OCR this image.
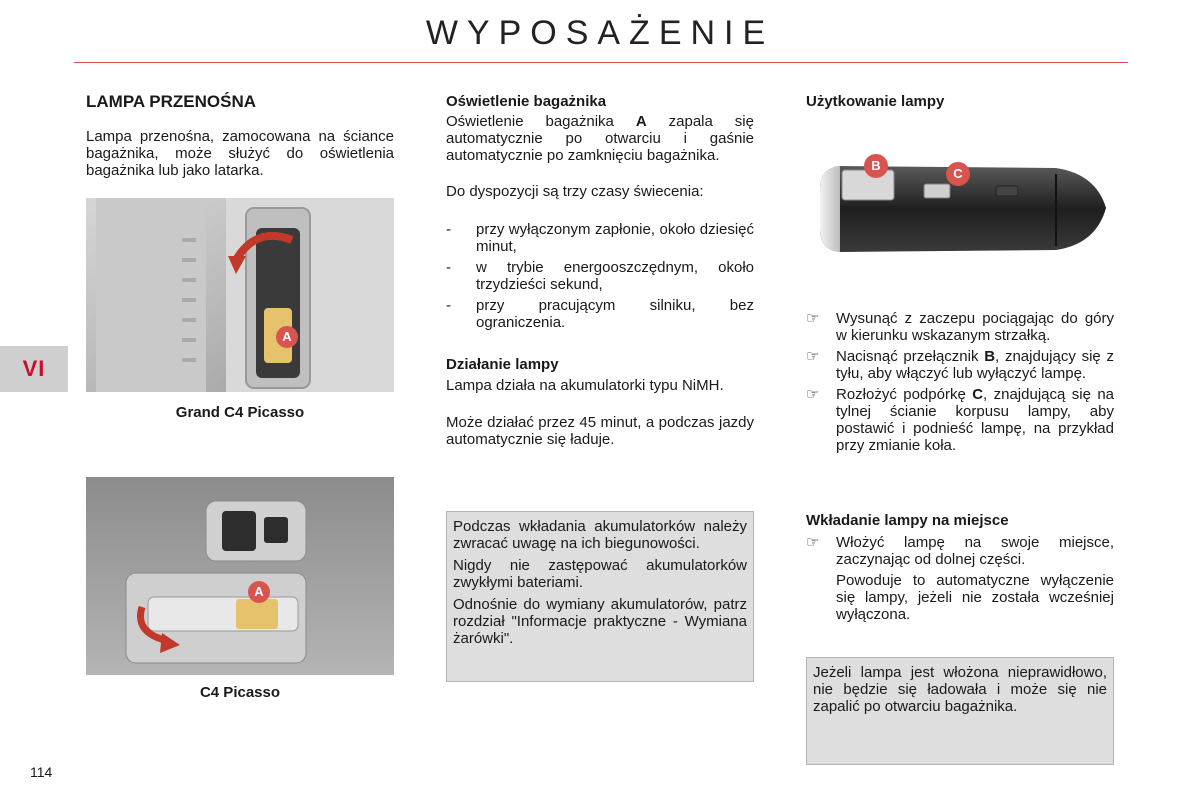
WYPOSAŻENIE
VI
LAMPA PRZENOŚNA

Lampa przenośna, zamocowana na ściance bagażnika, może służyć do oświetlenia bagażnika lub jako latarka.

A
Grand C4 Picasso
A
C4 Picasso
Oświetlenie bagażnika

Oświetlenie bagażnika A zapala się automatycznie po otwarciu i gaśnie automatycznie po zamknięciu bagażnika.

Do dyspozycji są trzy czasy świecenia:

- przy wyłączonym zapłonie, około dziesięć minut,
- w trybie energooszczędnym, około trzydzieści sekund,
- przy pracującym silniku, bez ograniczenia.
Działanie lampy

Lampa działa na akumulatorki typu NiMH.

Może działać przez 45 minut, a podczas jazdy automatycznie się ładuje.

Podczas wkładania akumulatorków należy zwracać uwagę na ich biegunowości.

Nigdy nie zastępować akumulatorków zwykłymi bateriami.

Odnośnie do wymiany akumulatorów, patrz rozdział "Informacje praktyczne - Wymiana żarówki".

Użytkowanie lampy
B
C
☞ Wysunąć z zaczepu pociągając do góry w kierunku wskazanym strzałką.
☞ Nacisnąć przełącznik B, znajdujący się z tyłu, aby włączyć lub wyłączyć lampę.
☞ Rozłożyć podpórkę C, znajdującą się na tylnej ścianie korpusu lampy, aby postawić i podnieść lampę, na przykład przy zmianie koła.
Wkładanie lampy na miejsce
☞ Włożyć lampę na swoje miejsce, zaczynając od dolnej części.
Powoduje to automatyczne wyłączenie się lampy, jeżeli nie została wcześniej wyłączona.

Jeżeli lampa jest włożona nieprawidłowo, nie będzie się ładowała i może się nie zapalić po otwarciu bagażnika.

114
